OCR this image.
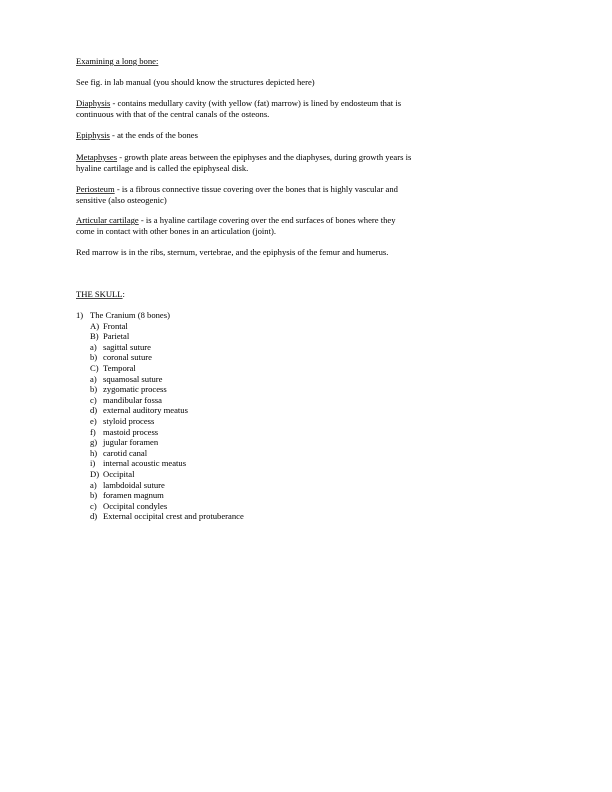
Examining a long bone:

See fig. in lab manual (you should know the structures depicted here)

Diaphysis - contains medullary cavity (with yellow (fat) marrow) is lined by endosteum that is continuous with that of the central canals of the osteons.

Epiphysis - at the ends of the bones

Metaphyses - growth plate areas between the epiphyses and the diaphyses, during growth years is hyaline cartilage and is called the epiphyseal disk.

Periosteum - is a fibrous connective tissue covering over the bones that is highly vascular and sensitive (also osteogenic)

Articular cartilage - is a hyaline cartilage covering over the end surfaces of bones where they come in contact with other bones in an articulation (joint).

Red marrow is in the ribs, sternum, vertebrae, and the epiphysis of the femur and humerus.

THE SKULL:

1) The Cranium (8 bones)
A) Frontal
B) Parietal
a) sagittal suture
b) coronal suture
C) Temporal
a) squamosal suture
b) zygomatic process
c) mandibular fossa
d) external auditory meatus
e) styloid process
f) mastoid process
g) jugular foramen
h) carotid canal
i) internal acoustic meatus
D) Occipital
a) lambdoidal suture
b) foramen magnum
c) Occipital condyles
d) External occipital crest and protuberance
